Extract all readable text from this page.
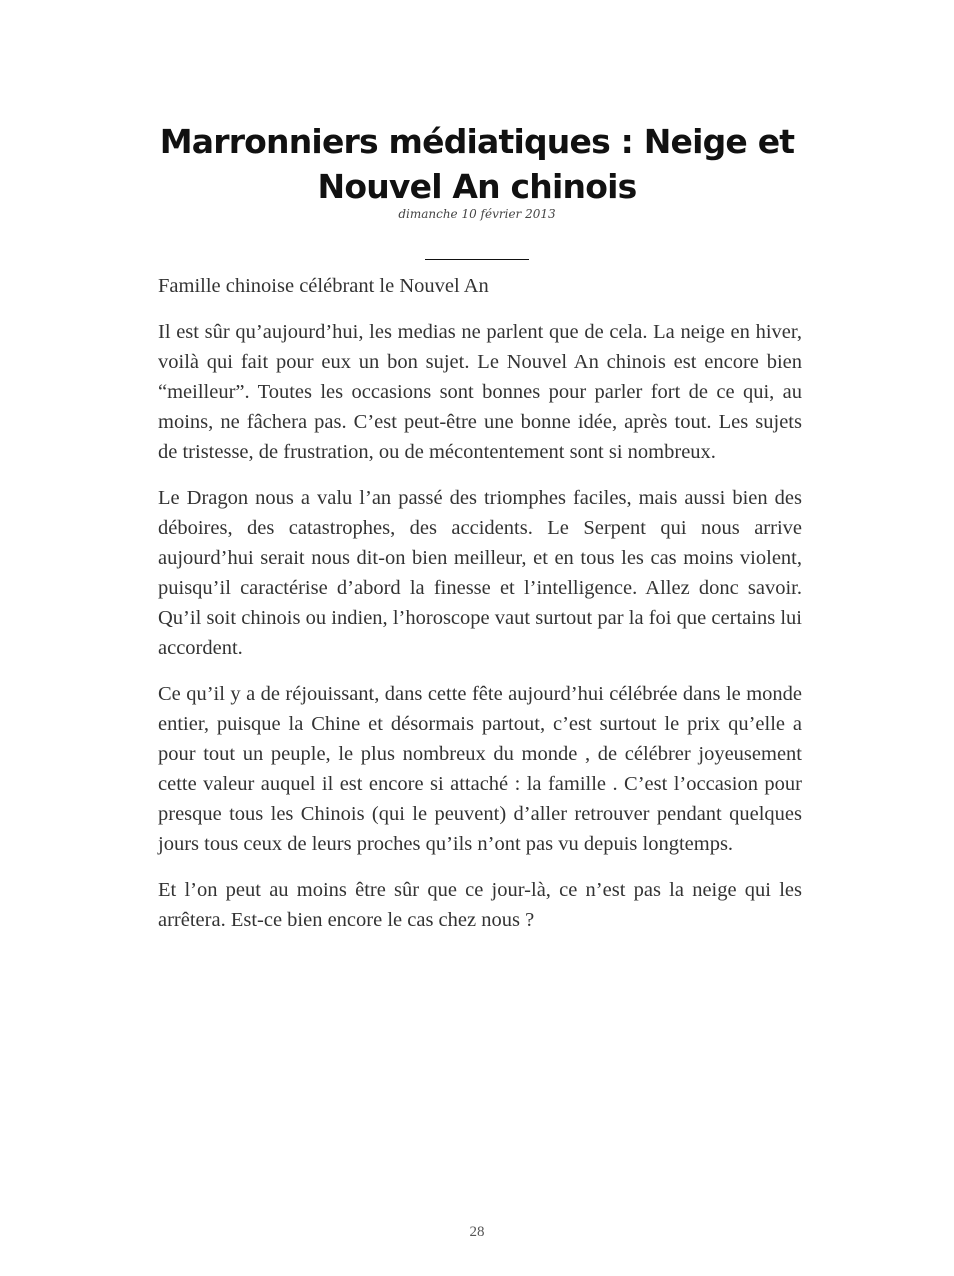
Marronniers médiatiques : Neige et Nouvel An chinois
dimanche 10 février 2013

Famille chinoise célébrant le Nouvel An

Il est sûr qu’aujourd’hui, les medias ne parlent que de cela. La neige en hiver, voilà qui fait pour eux un bon sujet. Le Nouvel An chinois est encore bien “meilleur”. Toutes les occasions sont bonnes pour parler fort de ce qui, au moins, ne fâchera pas. C’est peut-être une bonne idée, après tout. Les sujets de tristesse, de frustration, ou de mécontentement sont si nombreux.

Le Dragon nous a valu l’an passé des triomphes faciles, mais aussi bien des déboires, des catastrophes, des accidents. Le Serpent qui nous arrive aujourd’hui serait nous dit-on bien meilleur, et en tous les cas moins violent, puisqu’il caractérise d’abord la finesse et l’intelligence. Allez donc savoir. Qu’il soit chinois ou indien, l’horoscope vaut surtout par la foi que certains lui accordent.

Ce qu’il y a de réjouissant, dans cette fête aujourd’hui célébrée dans le monde entier, puisque la Chine et désormais partout, c’est surtout le prix qu’elle a pour tout un peuple, le plus nombreux du monde , de célébrer joyeusement cette valeur auquel il est encore si attaché : la famille . C’est l’occasion pour presque tous les Chinois (qui le peuvent) d’aller retrouver pendant quelques jours tous ceux de leurs proches qu’ils n’ont pas vu depuis longtemps.

Et l’on peut au moins être sûr que ce jour-là, ce n’est pas la neige qui les arrêtera. Est-ce bien encore le cas chez nous ?

28
